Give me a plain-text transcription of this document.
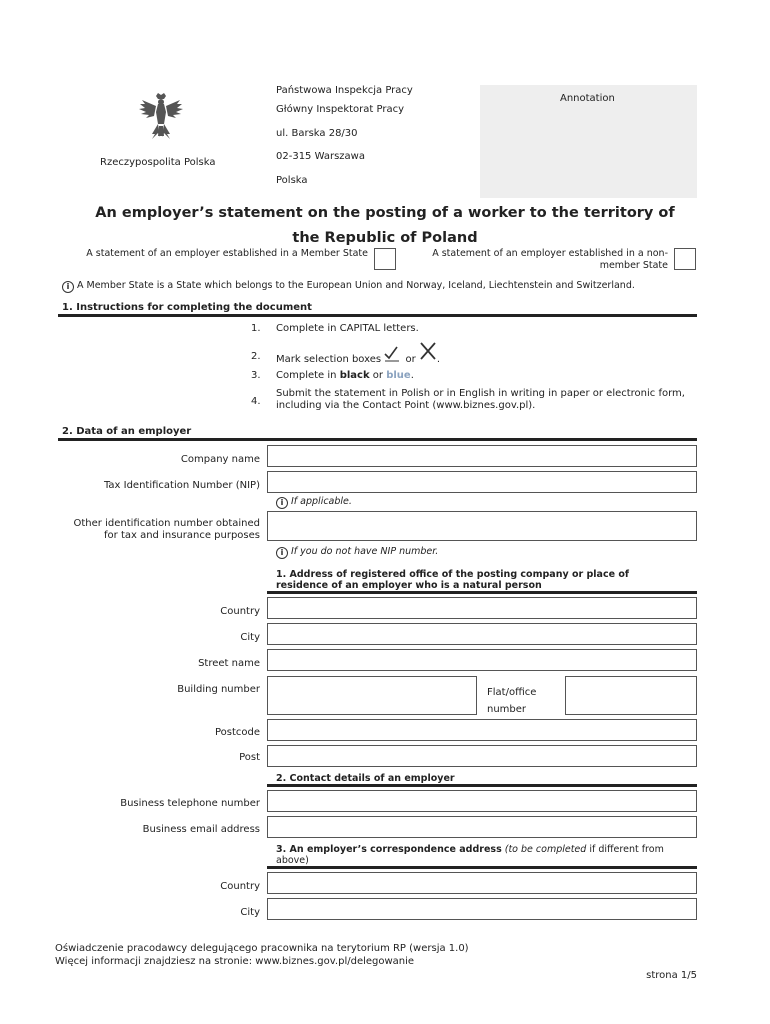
Rzeczypospolita Polska
Państwowa Inspekcja Pracy
Główny Inspektorat Pracy
ul. Barska 28/30
02-315 Warszawa
Polska
Annotation
An employer’s statement on the posting of a worker to the territory of
the Republic of Poland
A statement of an employer established in a Member State	A statement of an employer established in a non-member State
i A Member State is a State which belongs to the European Union and Norway, Iceland, Liechtenstein and Switzerland.
1. Instructions for completing the document
1. Complete in CAPITAL letters.
2. Mark selection boxes or .
3. Complete in black or blue.
4.
Submit the statement in Polish or in English in writing in paper or electronic form, including via the Contact Point (www.biznes.gov.pl).
2. Data of an employer
Company name
Tax Identification Number (NIP)
i If applicable.
Other identification number obtained for tax and insurance purposes
i If you do not have NIP number.
1. Address of registered office of the posting company or place of residence of an employer who is a natural person
Country
City
Street name
Building number	Flat/office number
Postcode
Post
2. Contact details of an employer
Business telephone number
Business email address
3. An employer’s correspondence address (to be completed if different from above)
Country
City
Oświadczenie pracodawcy delegującego pracownika na terytorium RP (wersja 1.0)
Więcej informacji znajdziesz na stronie: www.biznes.gov.pl/delegowanie
strona 1/5
